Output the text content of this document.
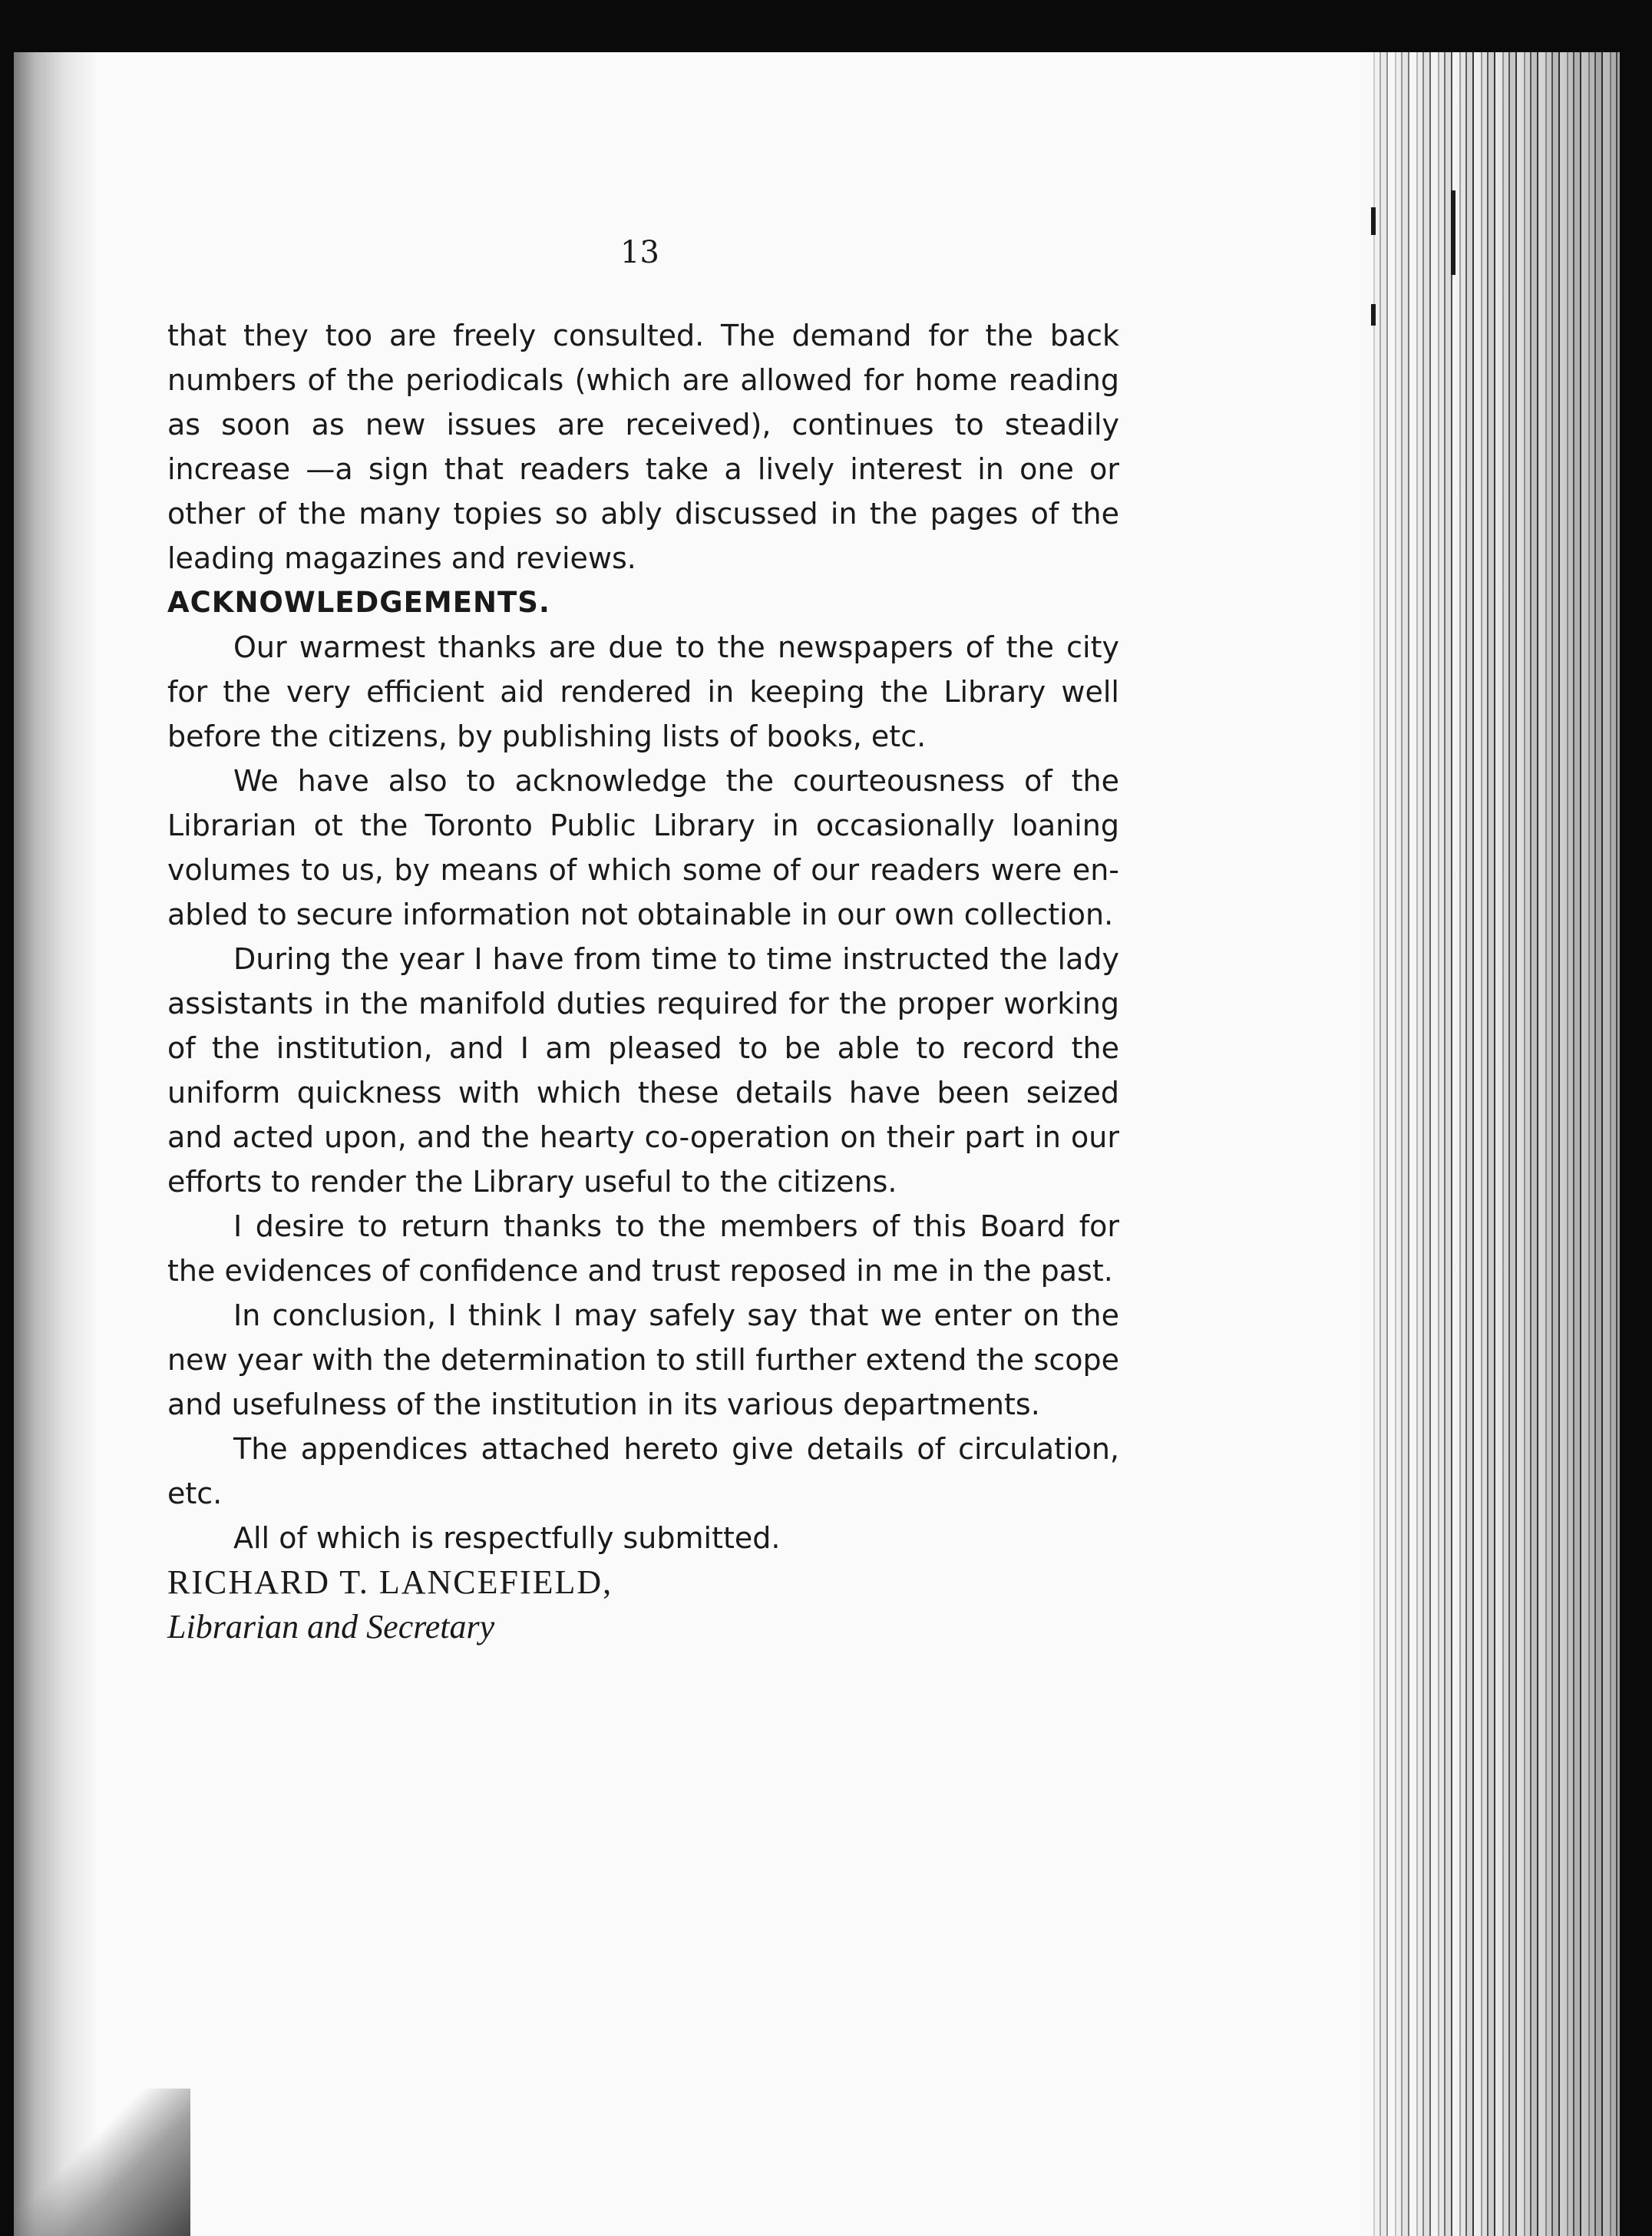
13

that they too are freely consulted. The demand for the back numbers of the periodicals (which are allowed for home reading as soon as new issues are received), continues to steadily increase —a sign that readers take a lively interest in one or other of the many topies so ably discussed in the pages of the leading magazines and reviews.

ACKNOWLEDGEMENTS.

Our warmest thanks are due to the newspapers of the city for the very efficient aid rendered in keeping the Library well before the citizens, by publishing lists of books, etc.

We have also to acknowledge the courteousness of the Librarian ot the Toronto Public Library in occasionally loaning volumes to us, by means of which some of our readers were en-abled to secure information not obtainable in our own collection.

During the year I have from time to time instructed the lady assistants in the manifold duties required for the proper working of the institution, and I am pleased to be able to record the uniform quickness with which these details have been seized and acted upon, and the hearty co-operation on their part in our efforts to render the Library useful to the citizens.

I desire to return thanks to the members of this Board for the evidences of confidence and trust reposed in me in the past.

In conclusion, I think I may safely say that we enter on the new year with the determination to still further extend the scope and usefulness of the institution in its various departments.

The appendices attached hereto give details of circulation, etc.

All of which is respectfully submitted.

RICHARD T. LANCEFIELD,

Librarian and Secretary
